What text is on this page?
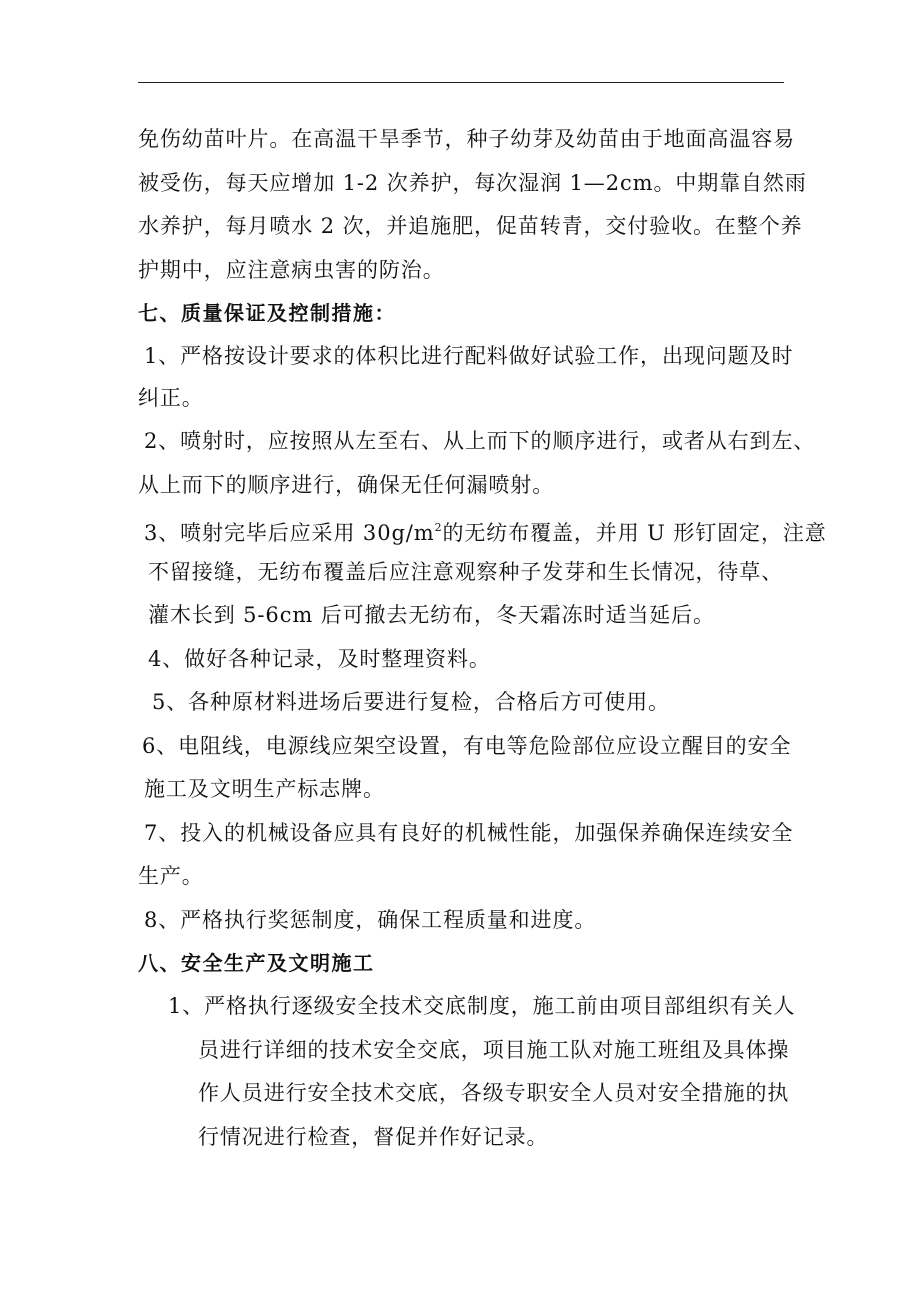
免伤幼苗叶片。在高温干旱季节，种子幼芽及幼苗由于地面高温容易
被受伤，每天应增加 1-2 次养护，每次湿润 1—2cm。中期靠自然雨
水养护，每月喷水 2 次，并追施肥，促苗转青，交付验收。在整个养
护期中，应注意病虫害的防治。
七、质量保证及控制措施：
1、严格按设计要求的体积比进行配料做好试验工作，出现问题及时
纠正。
2、喷射时，应按照从左至右、从上而下的顺序进行，或者从右到左、
从上而下的顺序进行，确保无任何漏喷射。
3、喷射完毕后应采用 $30g/m^2$的无纺布覆盖，并用 U 形钉固定，注意
不留接缝，无纺布覆盖后应注意观察种子发芽和生长情况，待草、
灌木长到 5-6cm 后可撤去无纺布，冬天霜冻时适当延后。
4、做好各种记录，及时整理资料。
5、各种原材料进场后要进行复检，合格后方可使用。
6、电阻线，电源线应架空设置，有电等危险部位应设立醒目的安全
施工及文明生产标志牌。
7、投入的机械设备应具有良好的机械性能，加强保养确保连续安全
生产。
8、严格执行奖惩制度，确保工程质量和进度。
八、安全生产及文明施工
1、严格执行逐级安全技术交底制度，施工前由项目部组织有关人
员进行详细的技术安全交底，项目施工队对施工班组及具体操
作人员进行安全技术交底，各级专职安全人员对安全措施的执
行情况进行检查，督促并作好记录。
